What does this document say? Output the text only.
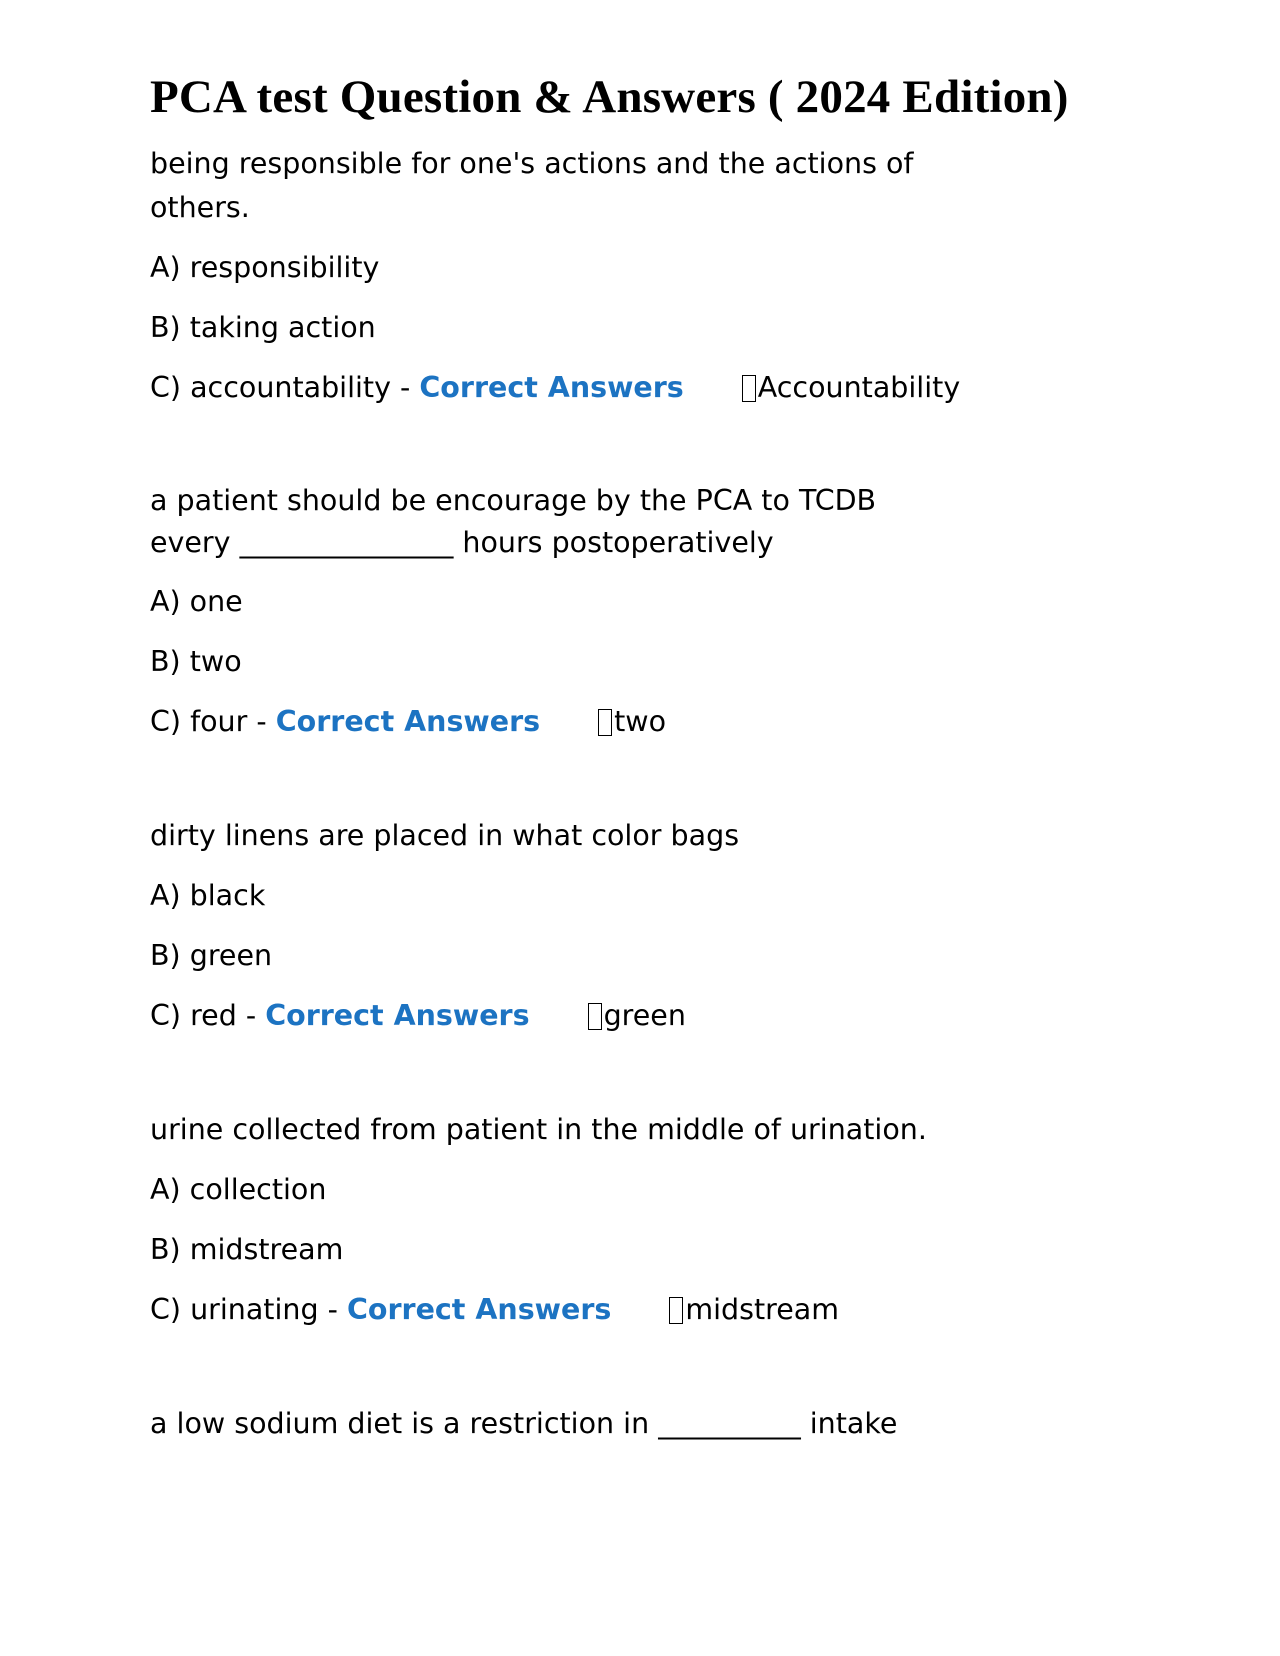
PCA test Question & Answers ( 2024 Edition)

being responsible for one's actions and the actions of others.

A) responsibility

B) taking action

C) accountability - Correct Answers	Accountability

a patient should be encourage by the PCA to TCDB every _______________ hours postoperatively

A) one

B) two

C) four - Correct Answers	two

dirty linens are placed in what color bags

A) black

B) green

C) red - Correct Answers	green

urine collected from patient in the middle of urination.

A) collection

B) midstream

C) urinating - Correct Answers	midstream

a low sodium diet is a restriction in __________ intake
